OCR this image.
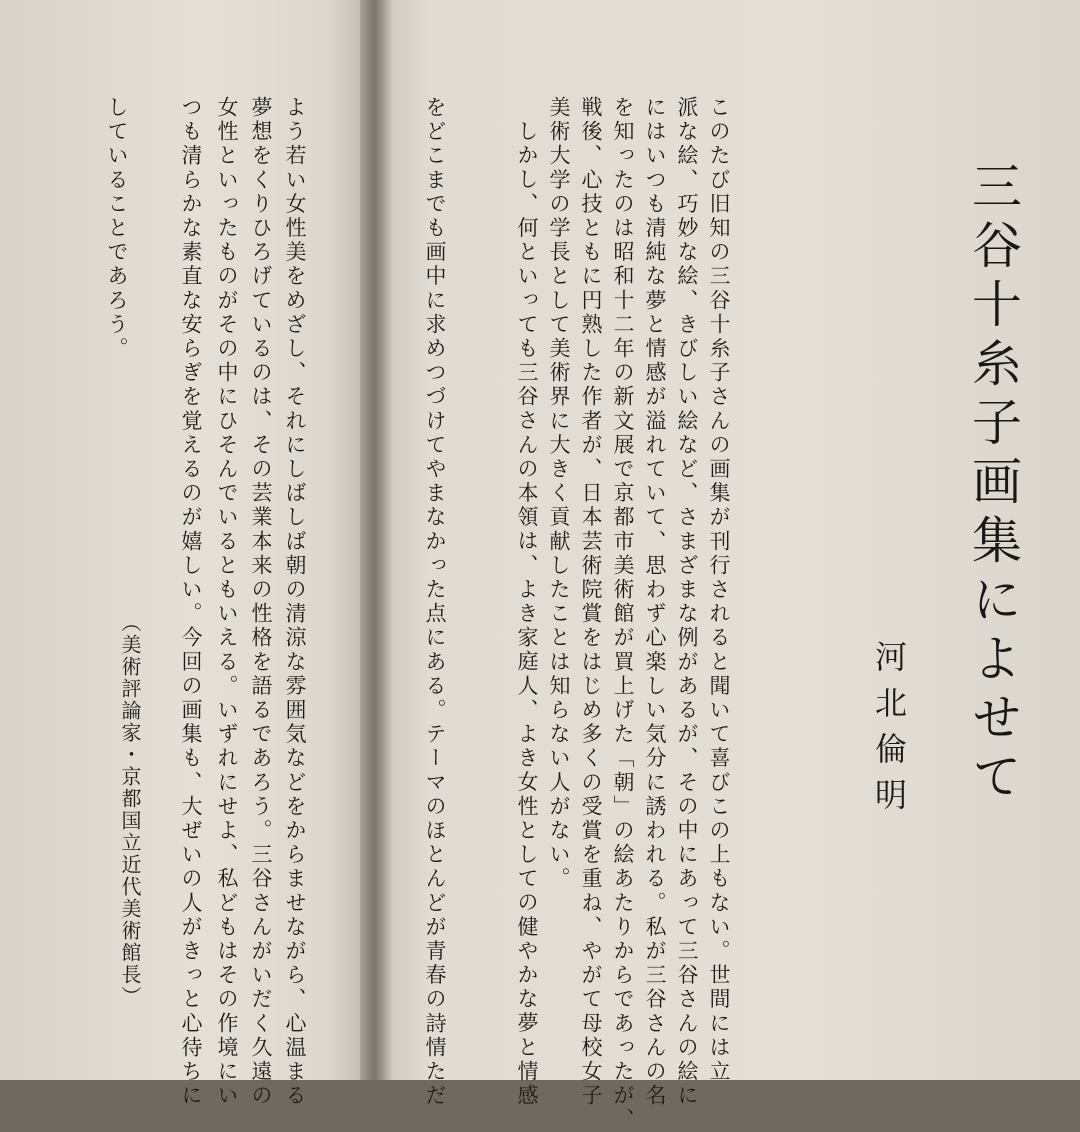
三谷十糸子画集によせて
河北倫明

このたび旧知の三谷十糸子さんの画集が刊行されると聞いて喜びこの上もない。世間には立

派な絵、巧妙な絵、きびしい絵など、さまざまな例があるが、その中にあって三谷さんの絵に

にはいつも清純な夢と情感が溢れていて、思わず心楽しい気分に誘われる。私が三谷さんの名

を知ったのは昭和十二年の新文展で京都市美術館が買上げた「朝」の絵あたりからであったが、

戦後、心技ともに円熟した作者が、日本芸術院賞をはじめ多くの受賞を重ね、やがて母校女子

美術大学の学長として美術界に大きく貢献したことは知らない人がない。

しかし、何といっても三谷さんの本領は、よき家庭人、よき女性としての健やかな夢と情感

をどこまでも画中に求めつづけてやまなかった点にある。テーマのほとんどが青春の詩情ただ

よう若い女性美をめざし、それにしばしば朝の清涼な雰囲気などをからませながら、心温まる

夢想をくりひろげているのは、その芸業本来の性格を語るであろう。三谷さんがいだく久遠の

女性といったものがその中にひそんでいるともいえる。いずれにせよ、私どもはその作境にい

つも清らかな素直な安らぎを覚えるのが嬉しい。今回の画集も、大ぜいの人がきっと心待ちに

していることであろう。

（美術評論家・京都国立近代美術館長）
